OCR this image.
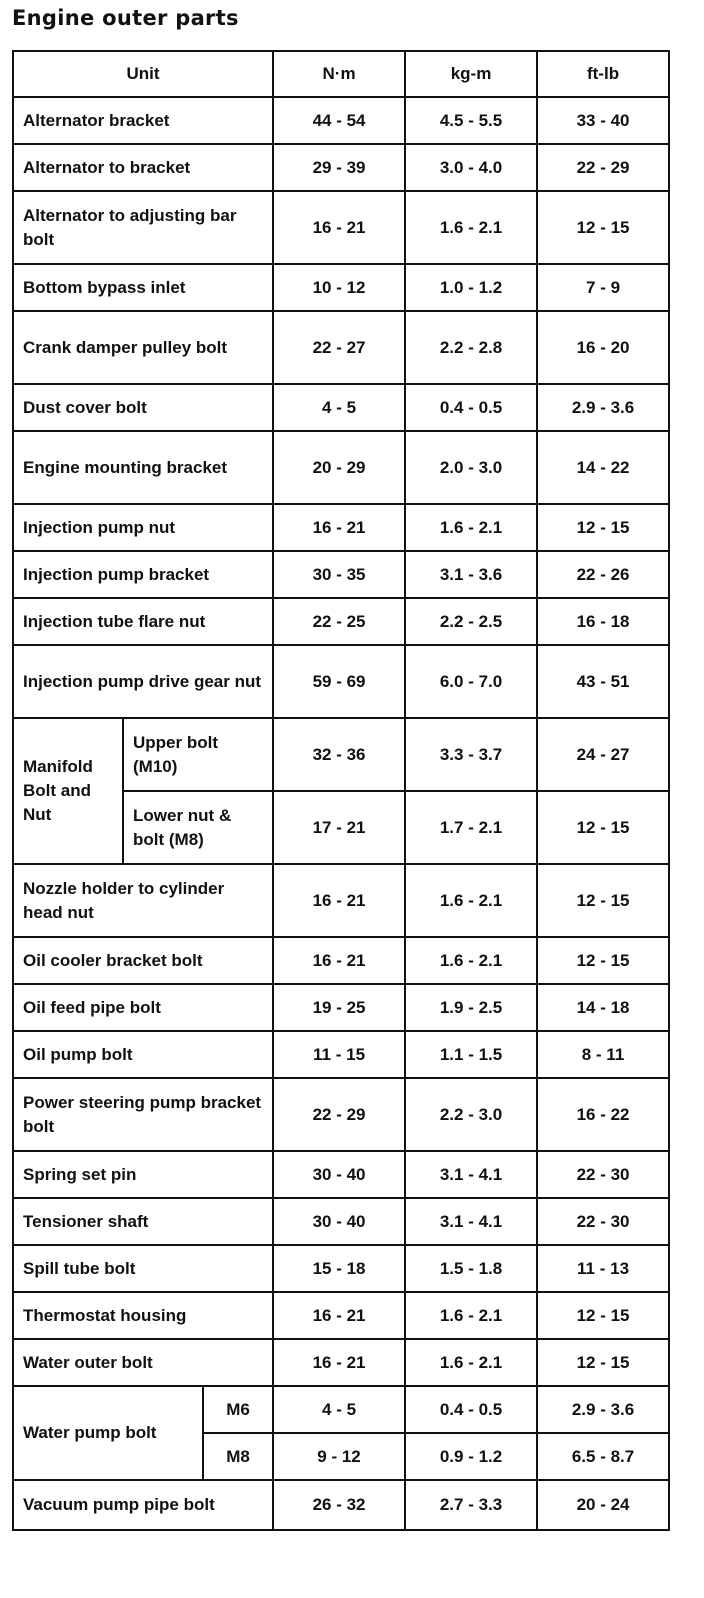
Engine outer parts
Unit			N·m	kg-m	ft-lb
Alternator bracket			44 - 54	4.5 - 5.5	33 - 40
Alternator to bracket			29 - 39	3.0 - 4.0	22 - 29
Alternator to adjusting bar bolt			16 - 21	1.6 - 2.1	12 - 15
Bottom bypass inlet			10 - 12	1.0 - 1.2	7 - 9
Crank damper pulley bolt			22 - 27	2.2 - 2.8	16 - 20
Dust cover bolt			4 - 5	0.4 - 0.5	2.9 - 3.6
Engine mounting bracket			20 - 29	2.0 - 3.0	14 - 22
Injection pump nut			16 - 21	1.6 - 2.1	12 - 15
Injection pump bracket			30 - 35	3.1 - 3.6	22 - 26
Injection tube flare nut			22 - 25	2.2 - 2.5	16 - 18
Injection pump drive gear nut			59 - 69	6.0 - 7.0	43 - 51
Manifold Bolt and Nut	Upper bolt (M10)		32 - 36	3.3 - 3.7	24 - 27
	Lower nut & bolt (M8)		17 - 21	1.7 - 2.1	12 - 15
Nozzle holder to cylinder head nut			16 - 21	1.6 - 2.1	12 - 15
Oil cooler bracket bolt			16 - 21	1.6 - 2.1	12 - 15
Oil feed pipe bolt			19 - 25	1.9 - 2.5	14 - 18
Oil pump bolt			11 - 15	1.1 - 1.5	8 - 11
Power steering pump bracket bolt			22 - 29	2.2 - 3.0	16 - 22
Spring set pin			30 - 40	3.1 - 4.1	22 - 30
Tensioner shaft			30 - 40	3.1 - 4.1	22 - 30
Spill tube bolt			15 - 18	1.5 - 1.8	11 - 13
Thermostat housing			16 - 21	1.6 - 2.1	12 - 15
Water outer bolt			16 - 21	1.6 - 2.1	12 - 15
Water pump bolt		M6	4 - 5	0.4 - 0.5	2.9 - 3.6
		M8	9 - 12	0.9 - 1.2	6.5 - 8.7
Vacuum pump pipe bolt			26 - 32	2.7 - 3.3	20 - 24
